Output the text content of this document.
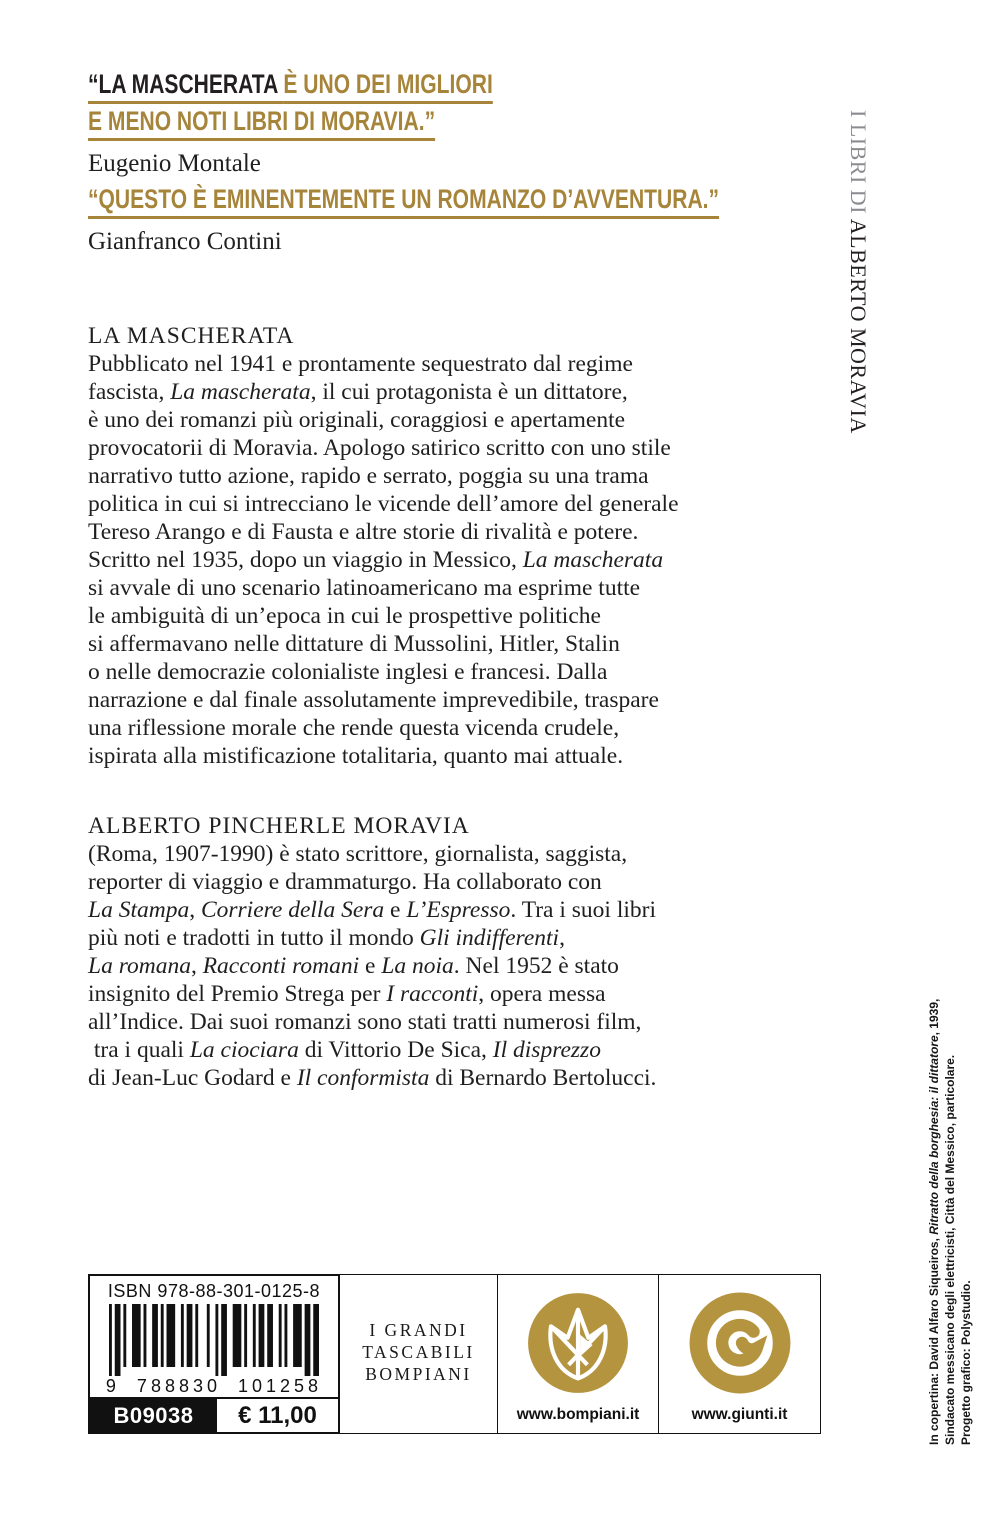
“LA MASCHERATA È UNO DEI MIGLIORI
E MENO NOTI LIBRI DI MORAVIA.”
Eugenio Montale
“QUESTO È EMINENTEMENTE UN ROMANZO D’AVVENTURA.”
Gianfranco Contini

I LIBRI DI ALBERTO MORAVIA

LA MASCHERATA
Pubblicato nel 1941 e prontamente sequestrato dal regime
fascista, La mascherata, il cui protagonista è un dittatore,
è uno dei romanzi più originali, coraggiosi e apertamente
provocatorii di Moravia. Apologo satirico scritto con uno stile
narrativo tutto azione, rapido e serrato, poggia su una trama
politica in cui si intrecciano le vicende dell’amore del generale
Tereso Arango e di Fausta e altre storie di rivalità e potere.
Scritto nel 1935, dopo un viaggio in Messico, La mascherata
si avvale di uno scenario latinoamericano ma esprime tutte
le ambiguità di un’epoca in cui le prospettive politiche
si affermavano nelle dittature di Mussolini, Hitler, Stalin
o nelle democrazie colonialiste inglesi e francesi. Dalla
narrazione e dal finale assolutamente imprevedibile, traspare
una riflessione morale che rende questa vicenda crudele,
ispirata alla mistificazione totalitaria, quanto mai attuale.
ALBERTO PINCHERLE MORAVIA
(Roma, 1907-1990) è stato scrittore, giornalista, saggista,
reporter di viaggio e drammaturgo. Ha collaborato con
La Stampa, Corriere della Sera e L’Espresso. Tra i suoi libri
più noti e tradotti in tutto il mondo Gli indifferenti,
La romana, Racconti romani e La noia. Nel 1952 è stato
insignito del Premio Strega per I racconti, opera messa
all’Indice. Dai suoi romanzi sono stati tratti numerosi film,
tra i quali La ciociara di Vittorio De Sica, Il disprezzo
di Jean-Luc Godard e Il conformista di Bernardo Bertolucci.
In copertina: David Alfaro Siqueiros, Ritratto della borghesia: il dittatore, 1939,
Sindacato messicano degli elettricisti, Città del Messico, particolare. Progetto grafico: Polystudio.
ISBN 978-88-301-0125-8
9 788830 101258
B09038	€ 11,00
I GRANDI
TASCABILI
BOMPIANI
www.bompiani.it	www.giunti.it
